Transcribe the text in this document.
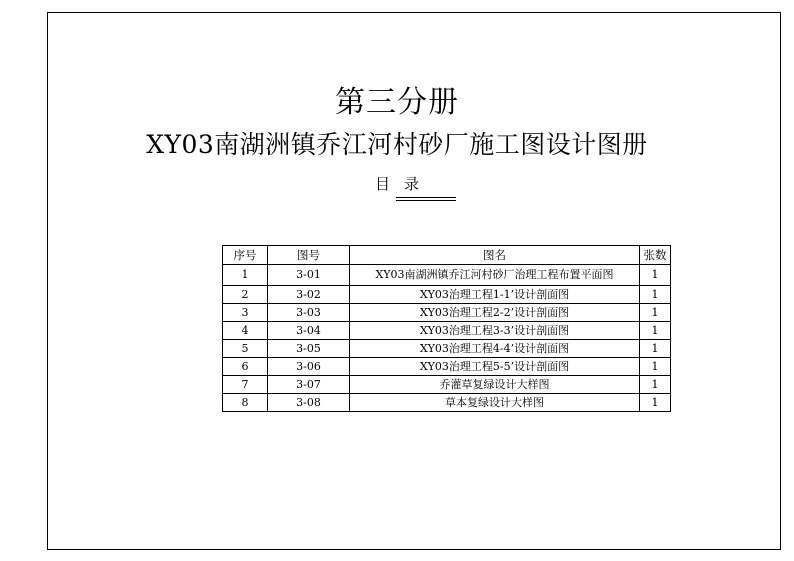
第三分册
XY03南湖洲镇乔江河村砂厂施工图设计图册
目录
序号	图号	图名	张数
1	3-01	XY03南湖洲镇乔江河村砂厂治理工程布置平面图	1
2	3-02	XY03治理工程1-1’设计剖面图	1
3	3-03	XY03治理工程2-2’设计剖面图	1
4	3-04	XY03治理工程3-3’设计剖面图	1
5	3-05	XY03治理工程4-4’设计剖面图	1
6	3-06	XY03治理工程5-5’设计剖面图	1
7	3-07	乔灌草复绿设计大样图	1
8	3-08	草本复绿设计大样图	1
